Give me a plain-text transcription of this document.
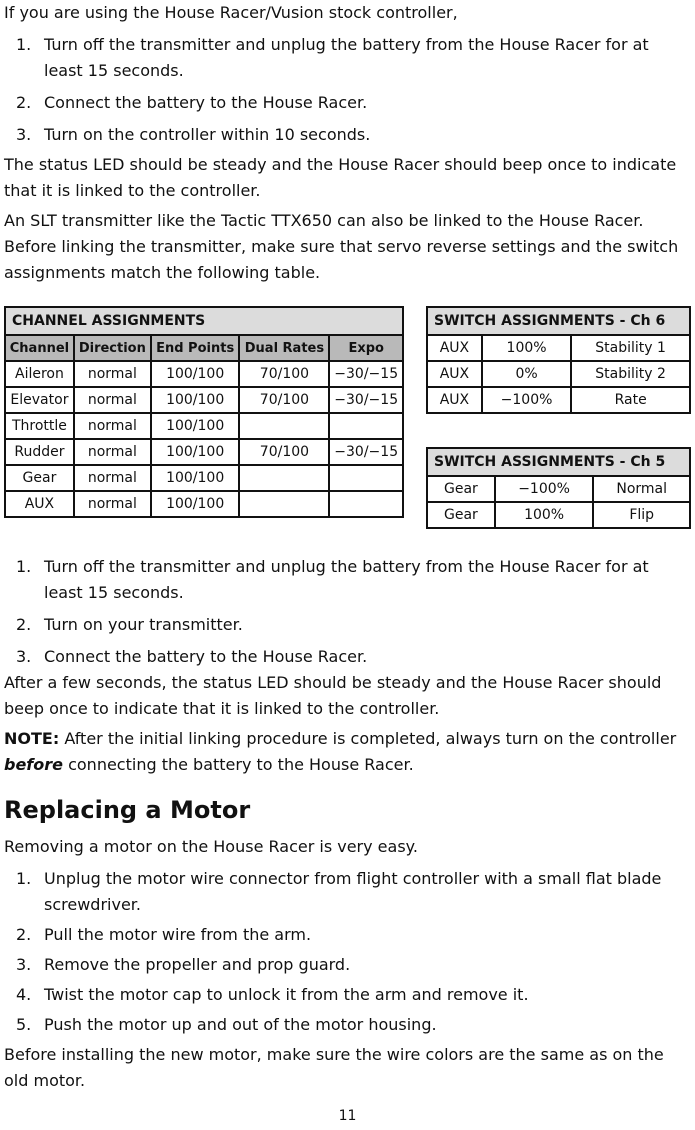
If you are using the House Racer/Vusion stock controller,

1. Turn off the transmitter and unplug the battery from the House Racer for at least 15 seconds.
2. Connect the battery to the House Racer.
3. Turn on the controller within 10 seconds.

The status LED should be steady and the House Racer should beep once to indicate that it is linked to the controller.

An SLT transmitter like the Tactic TTX650 can also be linked to the House Racer. Before linking the transmitter, make sure that servo reverse settings and the switch assignments match the following table.

CHANNEL ASSIGNMENTS				
Channel	Direction	End Points	Dual Rates	Expo
Aileron	normal	100/100	70/100	−30/−15
Elevator	normal	100/100	70/100	−30/−15
Throttle	normal	100/100		
Rudder	normal	100/100	70/100	−30/−15
Gear	normal	100/100		
AUX	normal	100/100		
SWITCH ASSIGNMENTS - Ch 6		
AUX	100%	Stability 1
AUX	0%	Stability 2
AUX	−100%	Rate
SWITCH ASSIGNMENTS - Ch 5		
Gear	−100%	Normal
Gear	100%	Flip
1. Turn off the transmitter and unplug the battery from the House Racer for at least 15 seconds.
2. Turn on your transmitter.
3. Connect the battery to the House Racer.

After a few seconds, the status LED should be steady and the House Racer should beep once to indicate that it is linked to the controller.

NOTE: After the initial linking procedure is completed, always turn on the controller before connecting the battery to the House Racer.

Replacing a Motor

Removing a motor on the House Racer is very easy.

1. Unplug the motor wire connector from flight controller with a small flat blade screwdriver.
2. Pull the motor wire from the arm.
3. Remove the propeller and prop guard.
4. Twist the motor cap to unlock it from the arm and remove it.
5. Push the motor up and out of the motor housing.

Before installing the new motor, make sure the wire colors are the same as on the old motor.

11
